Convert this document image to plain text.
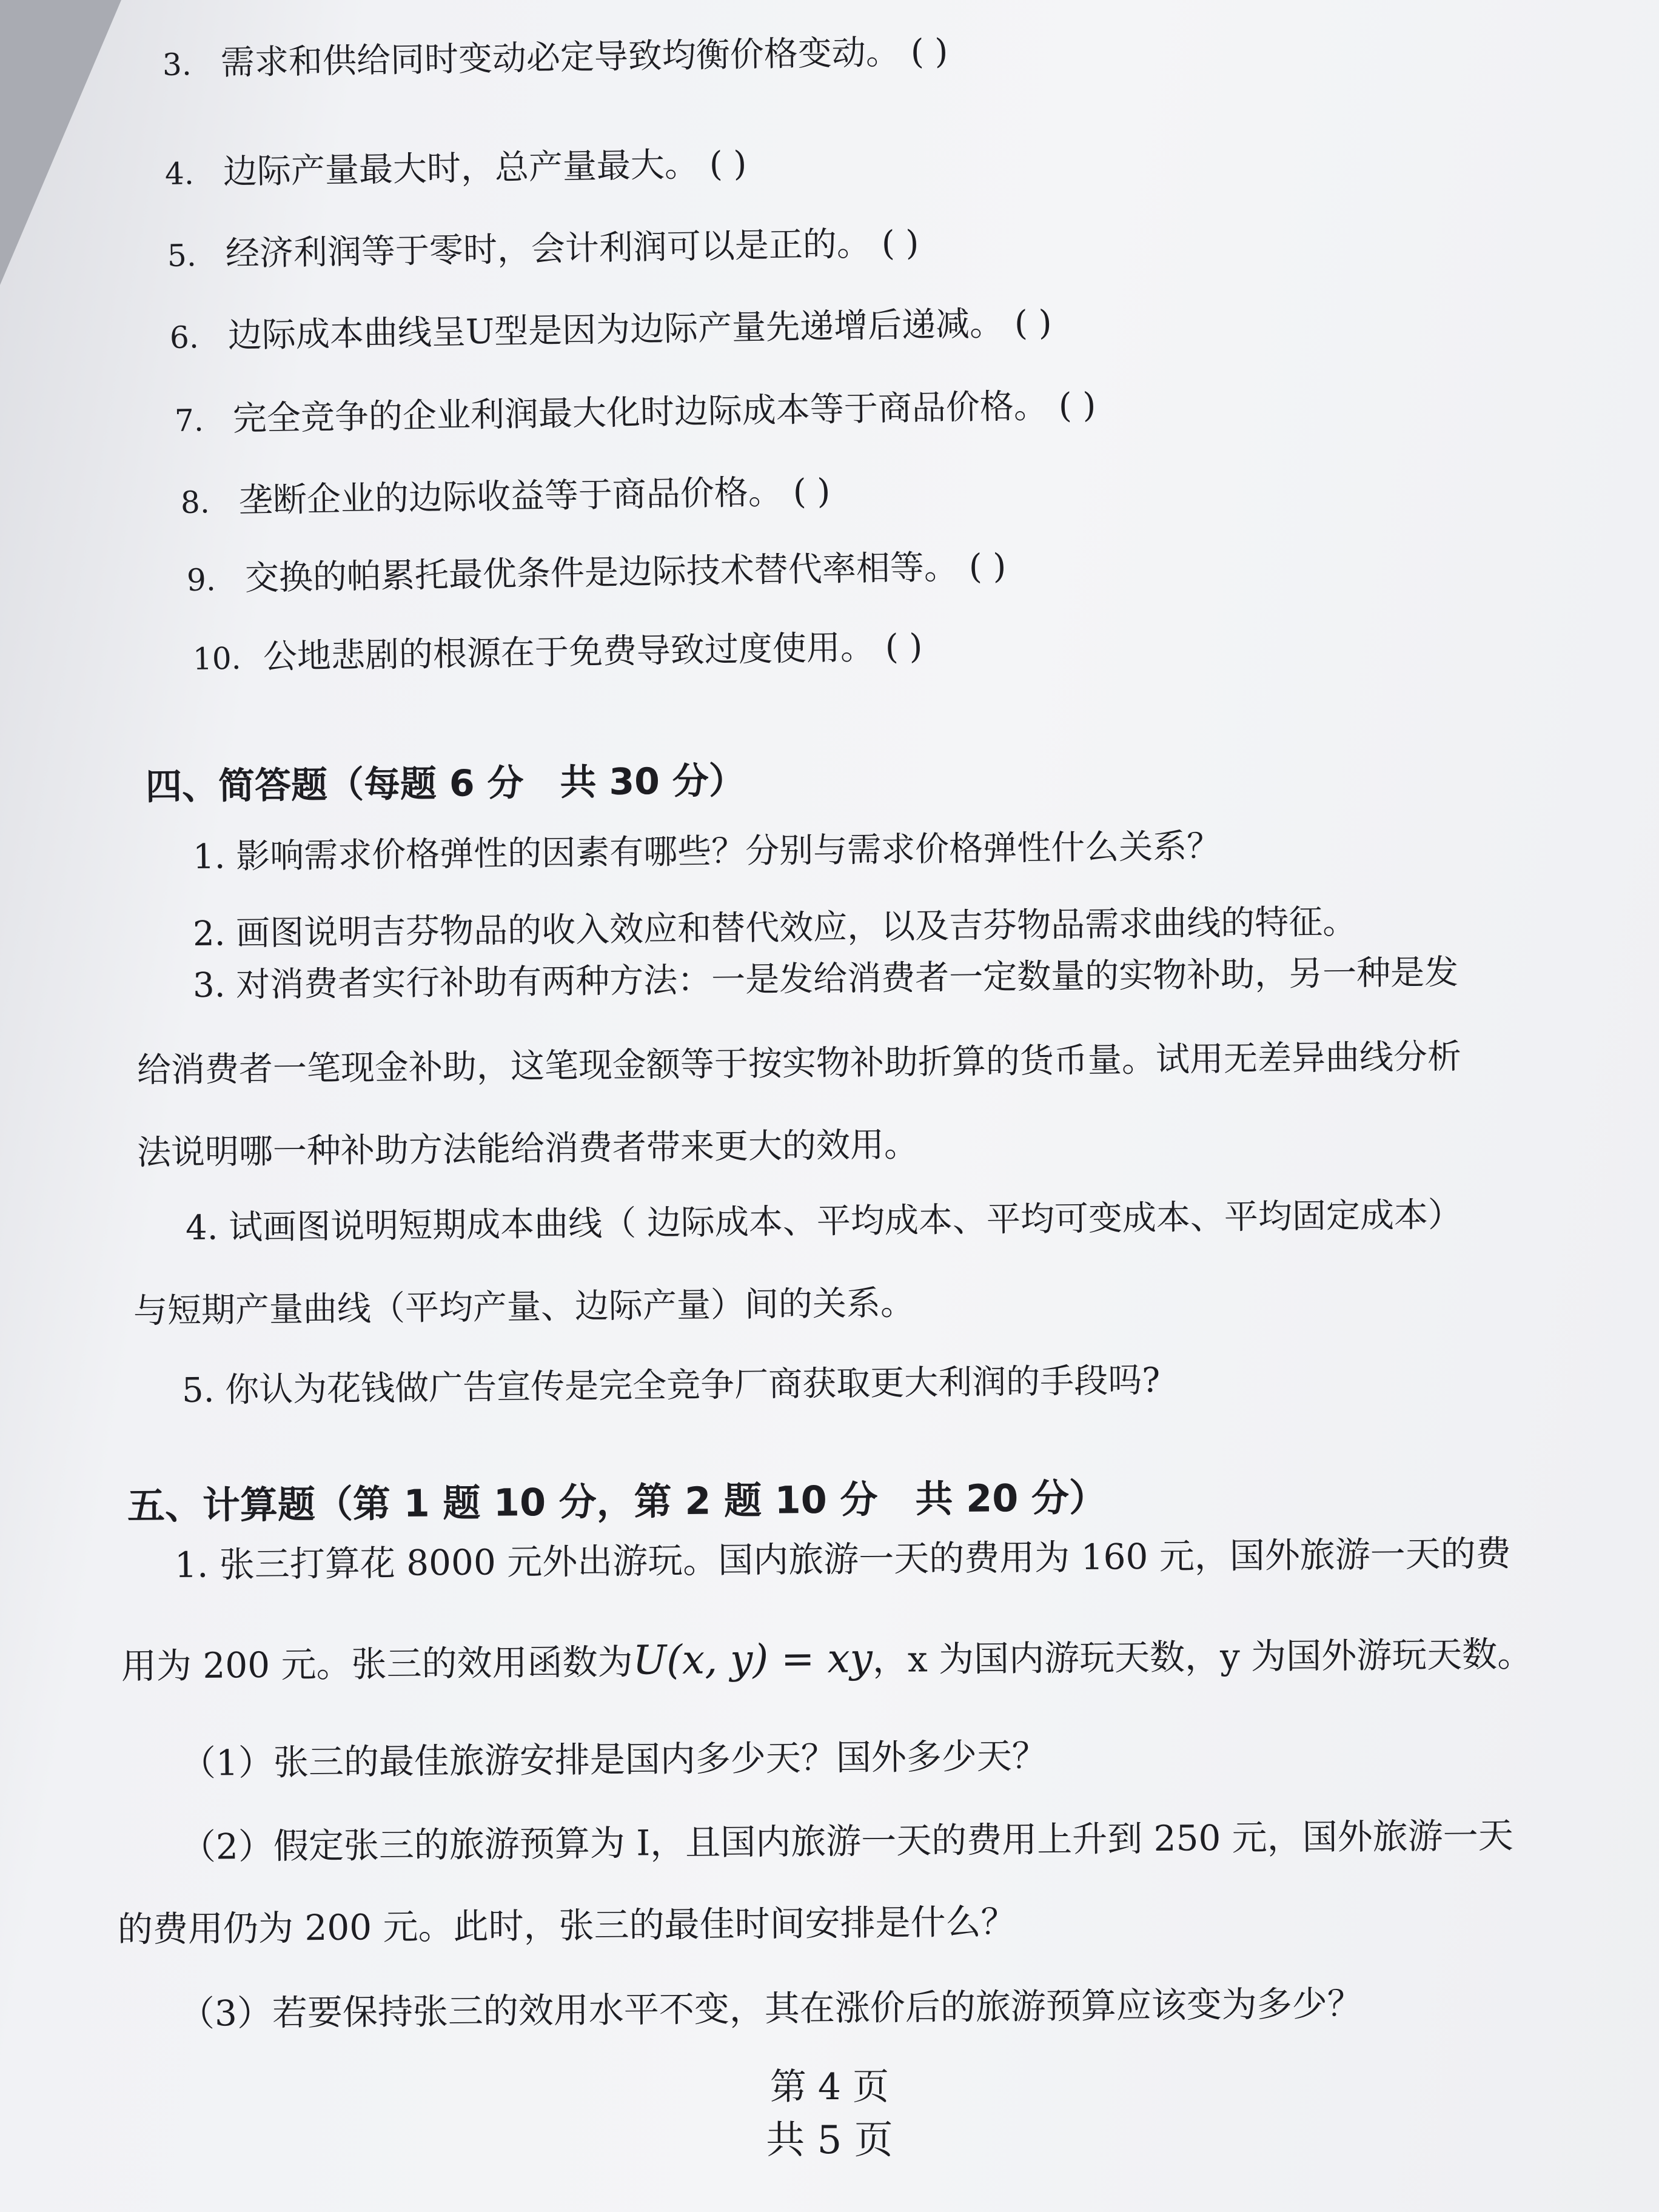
3. 需求和供给同时变动必定导致均衡价格变动。 ( )
4. 边际产量最大时，总产量最大。 ( )
5. 经济利润等于零时，会计利润可以是正的。 ( )
6. 边际成本曲线呈U型是因为边际产量先递增后递减。 ( )
7. 完全竞争的企业利润最大化时边际成本等于商品价格。 ( )
8. 垄断企业的边际收益等于商品价格。 ( )
9. 交换的帕累托最优条件是边际技术替代率相等。 ( )
10. 公地悲剧的根源在于免费导致过度使用。 ( )
四、简答题（每题 6 分　共 30 分）
1. 影响需求价格弹性的因素有哪些？分别与需求价格弹性什么关系？
2. 画图说明吉芬物品的收入效应和替代效应，以及吉芬物品需求曲线的特征。
3. 对消费者实行补助有两种方法：一是发给消费者一定数量的实物补助，另一种是发
给消费者一笔现金补助，这笔现金额等于按实物补助折算的货币量。试用无差异曲线分析
法说明哪一种补助方法能给消费者带来更大的效用。
4. 试画图说明短期成本曲线（ 边际成本、平均成本、平均可变成本、平均固定成本）
与短期产量曲线（平均产量、边际产量）间的关系。
5. 你认为花钱做广告宣传是完全竞争厂商获取更大利润的手段吗?
五、计算题（第 1 题 10 分，第 2 题 10 分　共 20 分）
1. 张三打算花 8000 元外出游玩。国内旅游一天的费用为 160 元，国外旅游一天的费
用为 200 元。张三的效用函数为U(x, y) = xy，x 为国内游玩天数，y 为国外游玩天数。
（1）张三的最佳旅游安排是国内多少天？国外多少天？
（2）假定张三的旅游预算为 I，且国内旅游一天的费用上升到 250 元，国外旅游一天
的费用仍为 200 元。此时，张三的最佳时间安排是什么？
（3）若要保持张三的效用水平不变，其在涨价后的旅游预算应该变为多少？
第 4 页
共 5 页
